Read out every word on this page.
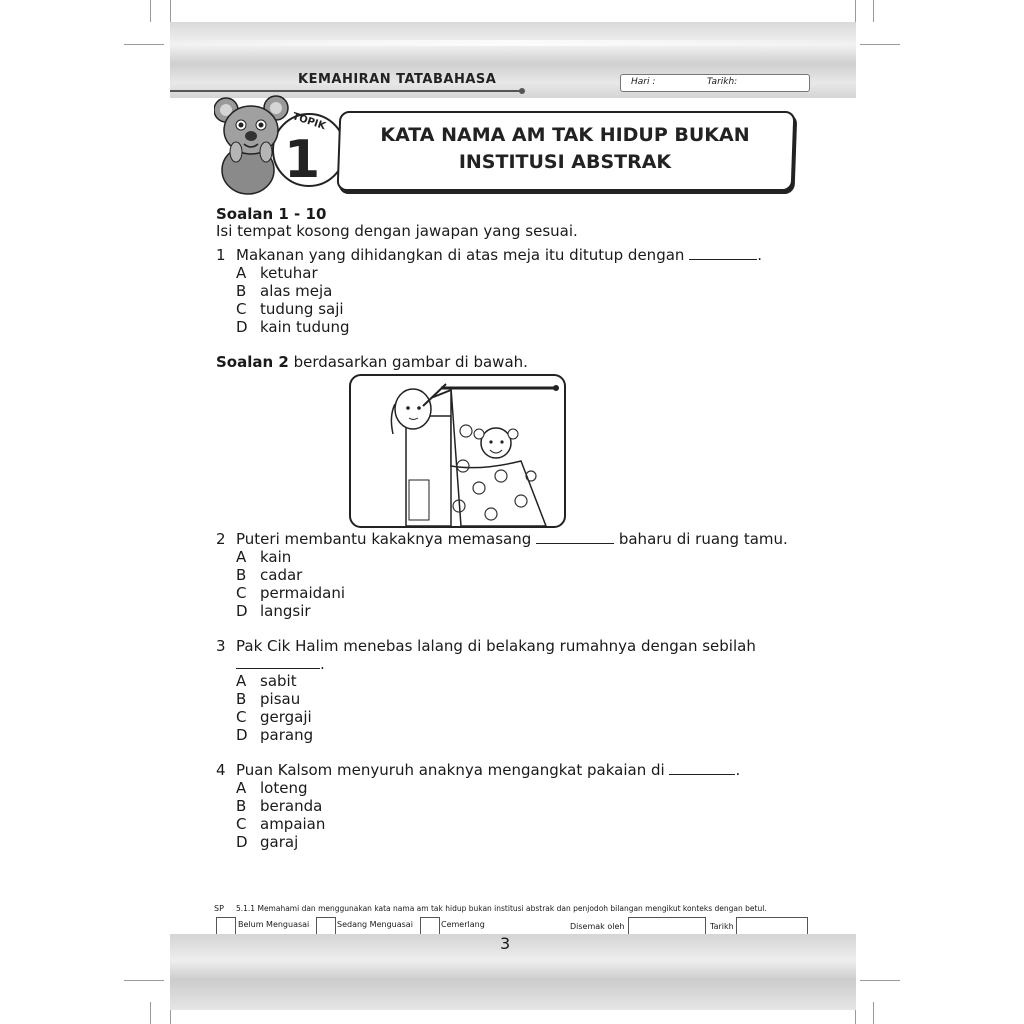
KEMAHIRAN TATABAHASA	Hari :	Tarikh:
TOPIK
1	KATA NAMA AM TAK HIDUP BUKAN
INSTITUSI ABSTRAK
Soalan 1 - 10
Isi tempat kosong dengan jawapan yang sesuai.
1 Makanan yang dihidangkan di atas meja itu ditutup dengan	.
A ketuhar
B alas meja
C tudung saji
D kain tudung
Soalan 2 berdasarkan gambar di bawah.
2 Puteri membantu kakaknya memasang	baharu di ruang tamu.
A kain
B cadar
C permaidani
D langsir
3 Pak Cik Halim menebas lalang di belakang rumahnya dengan sebilah
.
A sabit
B pisau
C gergaji
D parang
4 Puan Kalsom menyuruh anaknya mengangkat pakaian di	.
A loteng
B beranda
C ampaian
D garaj
SP 5.1.1 Memahami dan menggunakan kata nama am tak hidup bukan institusi abstrak dan penjodoh bilangan mengikut konteks dengan betul.
Belum Menguasai	Sedang Menguasai	Cemerlang	Disemak oleh	Tarikh
3
